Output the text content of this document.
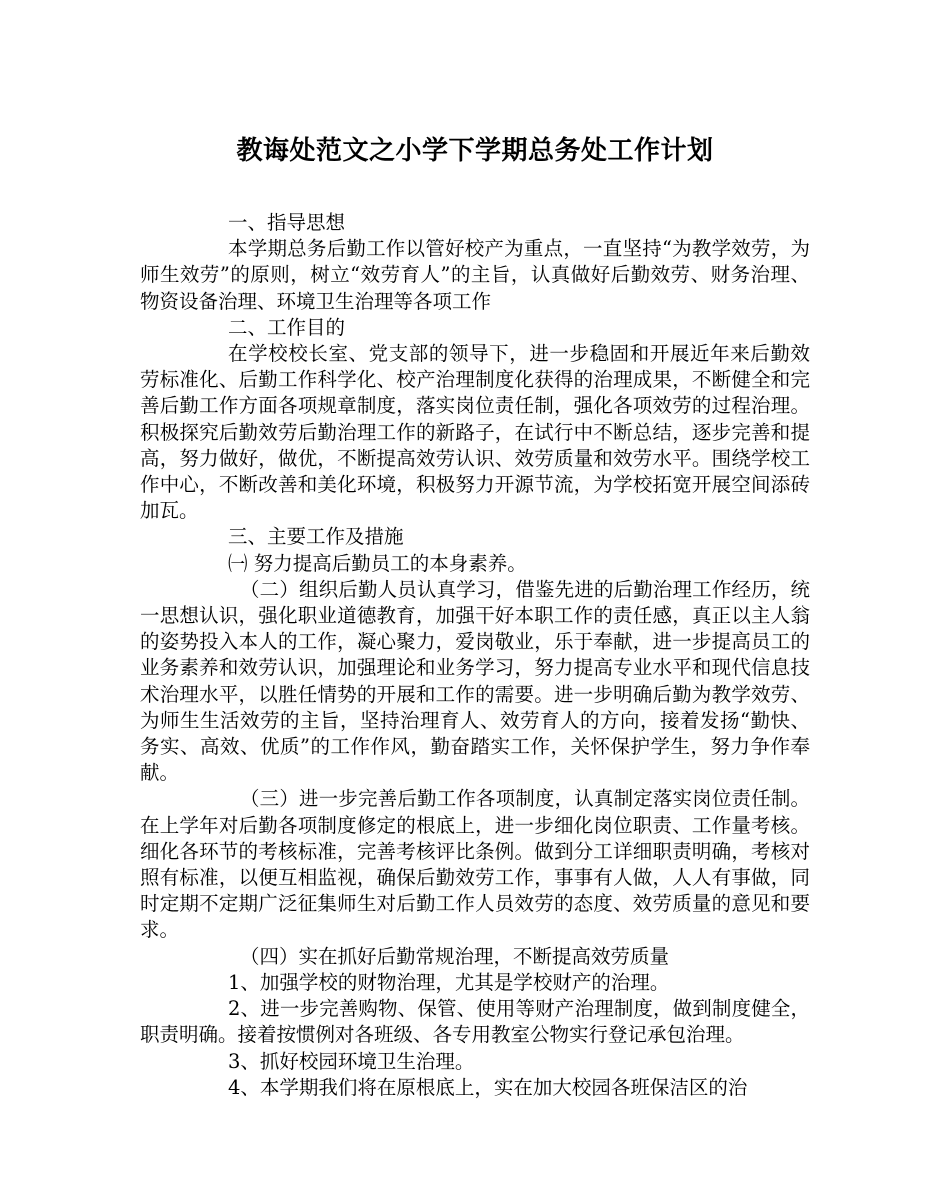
教诲处范文之小学下学期总务处工作计划

一、指导思想

本学期总务后勤工作以管好校产为重点，一直坚持“为教学效劳，为师生效劳”的原则，树立“效劳育人”的主旨，认真做好后勤效劳、财务治理、物资设备治理、环境卫生治理等各项工作

二、工作目的

在学校校长室、党支部的领导下，进一步稳固和开展近年来后勤效劳标准化、后勤工作科学化、校产治理制度化获得的治理成果，不断健全和完善后勤工作方面各项规章制度，落实岗位责任制，强化各项效劳的过程治理。积极探究后勤效劳后勤治理工作的新路子，在试行中不断总结，逐步完善和提高，努力做好，做优，不断提高效劳认识、效劳质量和效劳水平。围绕学校工作中心，不断改善和美化环境，积极努力开源节流，为学校拓宽开展空间添砖加瓦。

三、主要工作及措施

㈠ 努力提高后勤员工的本身素养。

（二）组织后勤人员认真学习，借鉴先进的后勤治理工作经历，统一思想认识，强化职业道德教育，加强干好本职工作的责任感，真正以主人翁的姿势投入本人的工作，凝心聚力，爱岗敬业，乐于奉献，进一步提高员工的业务素养和效劳认识，加强理论和业务学习，努力提高专业水平和现代信息技术治理水平，以胜任情势的开展和工作的需要。进一步明确后勤为教学效劳、为师生生活效劳的主旨，坚持治理育人、效劳育人的方向，接着发扬“勤快、务实、高效、优质”的工作作风，勤奋踏实工作，关怀保护学生，努力争作奉献。

（三）进一步完善后勤工作各项制度，认真制定落实岗位责任制。在上学年对后勤各项制度修定的根底上，进一步细化岗位职责、工作量考核。细化各环节的考核标准，完善考核评比条例。做到分工详细职责明确，考核对照有标准，以便互相监视，确保后勤效劳工作，事事有人做，人人有事做，同时定期不定期广泛征集师生对后勤工作人员效劳的态度、效劳质量的意见和要求。

（四）实在抓好后勤常规治理，不断提高效劳质量

1、加强学校的财物治理，尤其是学校财产的治理。

2、进一步完善购物、保管、使用等财产治理制度，做到制度健全，职责明确。接着按惯例对各班级、各专用教室公物实行登记承包治理。

3、抓好校园环境卫生治理。

4、本学期我们将在原根底上，实在加大校园各班保洁区的治
